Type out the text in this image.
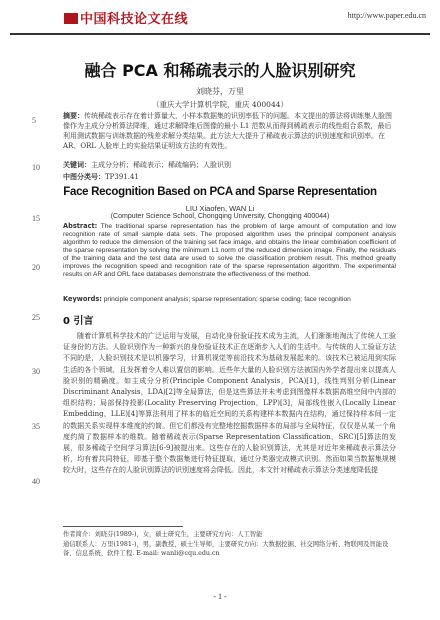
中国科技论文在线	http://www.paper.edu.cn
融合 PCA 和稀疏表示的人脸识别研究
刘晓芬，万里
（重庆大学计算机学院，重庆 400044）
5
10
15
20
25
30
35
40
摘要：传统稀疏表示存在着计算量大，小样本数据集的识别率低下的问题。本文提出的算法将训练集人脸图像作为主成分分析算法降维，通过求解降维后图像的最小 L1 范数从而得到稀疏表示的线性组合系数，最后利用测试数据与训练数据的残差求解分类结果。此方法大大提升了稀疏表示算法的识别速度和识别率。在 AR、ORL 人脸库上的实验结果证明该方法的有效性。
关键词：主成分分析；稀疏表示；稀疏编码；人脸识别
中图分类号：TP391.41
Face Recognition Based on PCA and Sparse Representation
LIU Xiaofen, WAN Li
(Computer Science School, Chongqing University, Chongqing 400044)
Abstract: The traditional sparse representation has the problem of large amount of computation and low recognition rate of small sample data sets. The proposed algorithm uses the principal component analysis algorithm to reduce the dimension of the training set face image, and obtains the linear combination coefficient of the sparse representation by solving the minimum L1 norm of the reduced dimension image. Finally, the residuals of the training data and the test data are used to solve the classification problem result. This method greatly improves the recognition speed and recognition rate of the sparse representation algorithm. The experimental results on AR and ORL face databases demonstrate the effectiveness of the method.
Keywords: principle component analysis; sparse representation; sparse coding; face recognition
0 引言
随着计算机科学技术的广泛运用与发展，自动化身份验证技术成为主流，人们渐渐地淘汰了传统人工验证身份的方法。人脸识别作为一种新兴的身份验证技术正在逐渐步入人们的生活中。与传统的人工验证方法不同的是，人脸识别技术是以机器学习，计算机视觉等前沿技术为基础发展起来的。该技术已被运用到实际生活的各个领域，且发挥着令人难以置信的影响。近些年大量的人脸识别方法被国内外学者提出来以提高人脸识别的精确度。如主成分分析(Principle Component Analysis，PCA)[1]，线性判别分析(Linear Discriminant Analysis，LDA)[2]等全局算法，但是这些算法并未考虑到图像样本数据高维空间中内部的组织结构；局部保持投影(Locality Preserving Projection，LPP)[3]，局部线性嵌入(Locally Linear Embedding，LLE)[4]等算法利用了样本的临近空间的关系构建样本数据内在结构，通过保持样本间一定的数据关系实现样本维度的约简。但它们都没有完整地挖掘数据样本的局部与全局特征，仅仅是从某一个角度约简了数据样本的维数。随着稀疏表示(Sparse Representation Classification，SRC)[5]算法的发展，很多稀疏子空间学习算法[6-9]被提出来。这些存在的人脸识别算法，尤其是对近年来稀疏表示算法分析，均有着共同特征，即基于整个数据集进行特征提取，通过分类器完成模式识别。然而如果当数据集规模较大时，这些存在的人脸识别算法的识别速度将会降低。因此，本文针对稀疏表示算法分类速度降低提
作者简介：刘晓芬(1989-)，女，硕士研究生，主要研究方向：人工智能
通信联系人：万里(1981-)，男，副教授，硕士生导师，主要研究方向：大数据挖掘、社交网络分析、物联网及智能设备、信息系统、软件工程. E-mail: wanli@cqu.edu.cn
- 1 -
